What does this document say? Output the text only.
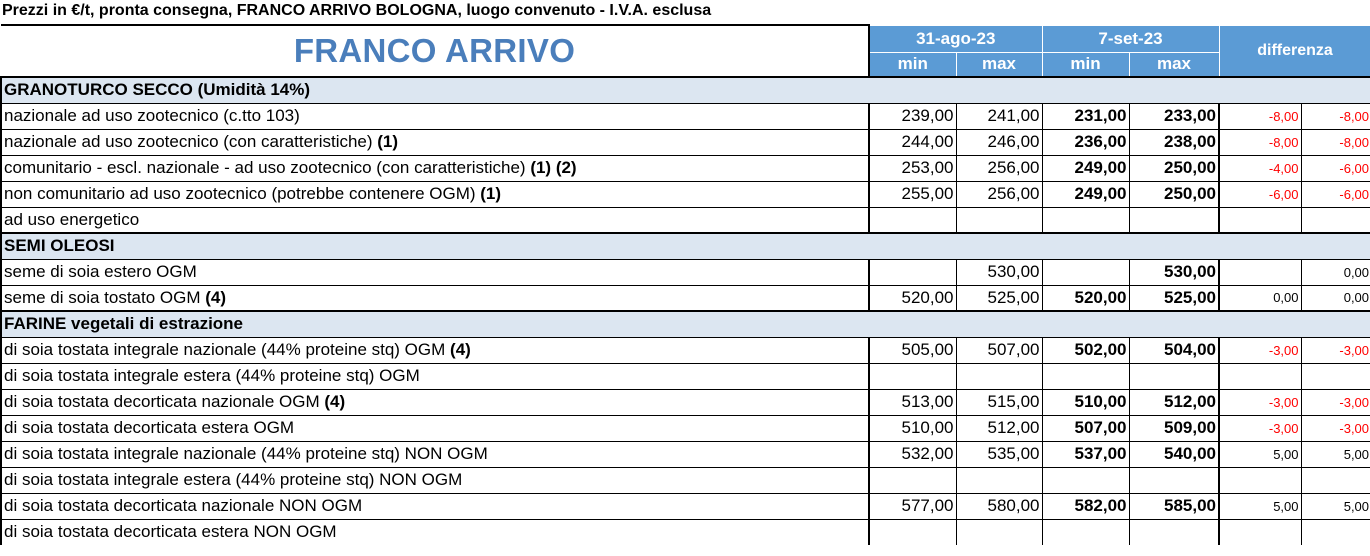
Prezzi in €/t, pronta consegna, FRANCO ARRIVO BOLOGNA, luogo convenuto - I.V.A. esclusa
FRANCO ARRIVO	31-ago-23		7-set-23		differenza	
	min	max	min	max		
GRANOTURCO SECCO (Umidità 14%)						
nazionale ad uso zootecnico (c.tto 103)	239,00	241,00	231,00	233,00	-8,00	-8,00
nazionale ad uso zootecnico (con caratteristiche) (1)	244,00	246,00	236,00	238,00	-8,00	-8,00
comunitario - escl. nazionale - ad uso zootecnico (con caratteristiche) (1) (2)	253,00	256,00	249,00	250,00	-4,00	-6,00
non comunitario ad uso zootecnico (potrebbe contenere OGM) (1)	255,00	256,00	249,00	250,00	-6,00	-6,00
ad uso energetico						
SEMI OLEOSI						
seme di soia estero OGM		530,00		530,00		0,00
seme di soia tostato OGM (4)	520,00	525,00	520,00	525,00	0,00	0,00
FARINE vegetali di estrazione						
di soia tostata integrale nazionale (44% proteine stq) OGM (4)	505,00	507,00	502,00	504,00	-3,00	-3,00
di soia tostata integrale estera (44% proteine stq) OGM						
di soia tostata decorticata nazionale OGM (4)	513,00	515,00	510,00	512,00	-3,00	-3,00
di soia tostata decorticata estera OGM	510,00	512,00	507,00	509,00	-3,00	-3,00
di soia tostata integrale nazionale (44% proteine stq) NON OGM	532,00	535,00	537,00	540,00	5,00	5,00
di soia tostata integrale estera (44% proteine stq) NON OGM						
di soia tostata decorticata nazionale NON OGM	577,00	580,00	582,00	585,00	5,00	5,00
di soia tostata decorticata estera NON OGM						
